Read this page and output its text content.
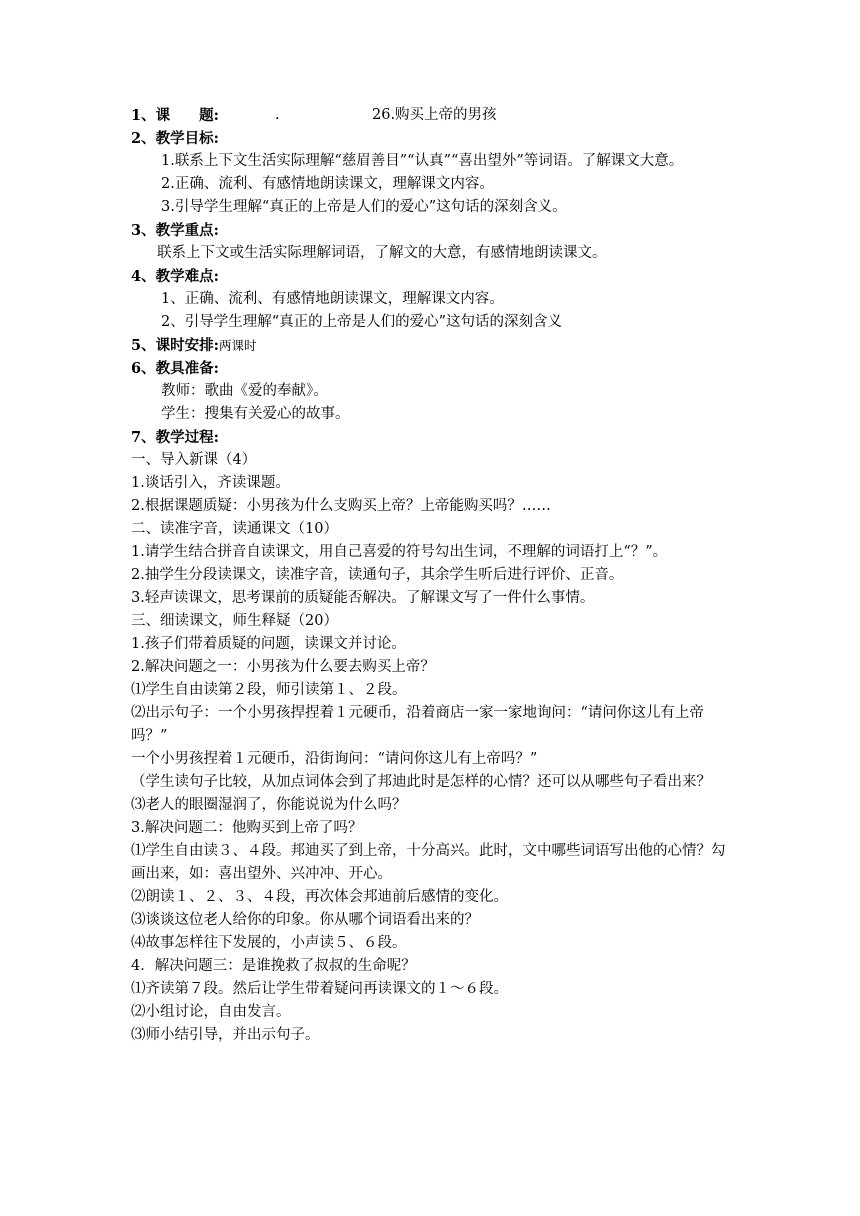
1、课　　题:	.	26.购买上帝的男孩
2、教学目标:
1.联系上下文生活实际理解“慈眉善目”“认真”“喜出望外”等词语。了解课文大意。
2.正确、流利、有感情地朗读课文，理解课文内容。
3.引导学生理解“真正的上帝是人们的爱心”这句话的深刻含义。
3、教学重点:
联系上下文或生活实际理解词语，了解文的大意，有感情地朗读课文。
4、教学难点:
1、正确、流利、有感情地朗读课文，理解课文内容。
2、引导学生理解“真正的上帝是人们的爱心”这句话的深刻含义
5、课时安排:两课时
6、教具准备:
教师：歌曲《爱的奉献》。
学生：搜集有关爱心的故事。
7、教学过程:
一、导入新课（4）
1.谈话引入，齐读课题。
2.根据课题质疑：小男孩为什么支购买上帝？上帝能购买吗？……
二、读准字音，读通课文（10）
1.请学生结合拼音自读课文，用自己喜爱的符号勾出生词，不理解的词语打上“？”。
2.抽学生分段读课文，读准字音，读通句子，其余学生听后进行评价、正音。
3.轻声读课文，思考课前的质疑能否解决。了解课文写了一件什么事情。
三、细读课文，师生释疑（20）
1.孩子们带着质疑的问题，读课文并讨论。
2.解决问题之一：小男孩为什么要去购买上帝？
⑴学生自由读第２段，师引读第１、２段。
⑵出示句子：一个小男孩捍捏着１元硬币，沿着商店一家一家地询问：“请问你这儿有上帝吗？”
一个小男孩捏着１元硬币，沿街询问：“请问你这儿有上帝吗？”
（学生读句子比较，从加点词体会到了邦迪此时是怎样的心情？还可以从哪些句子看出来？
⑶老人的眼圈湿润了，你能说说为什么吗？
3.解决问题二：他购买到上帝了吗？
⑴学生自由读３、４段。邦迪买了到上帝，十分高兴。此时，文中哪些词语写出他的心情？勾画出来，如：喜出望外、兴冲冲、开心。
⑵朗读１、２、３、４段，再次体会邦迪前后感情的变化。
⑶谈谈这位老人给你的印象。你从哪个词语看出来的？
⑷故事怎样往下发展的，小声读５、６段。
4．解决问题三：是谁挽救了叔叔的生命呢？
⑴齐读第７段。然后让学生带着疑问再读课文的１～６段。
⑵小组讨论，自由发言。
⑶师小结引导，并出示句子。
